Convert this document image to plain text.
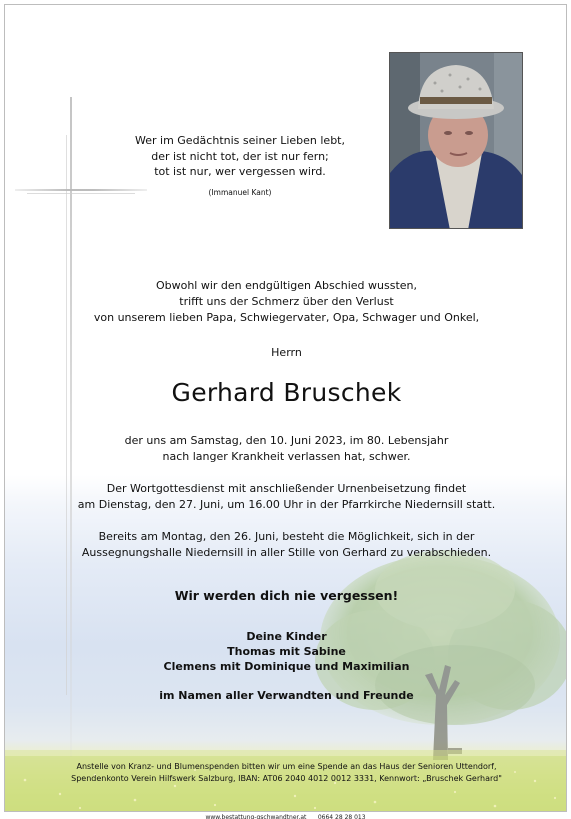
Wer im Gedächtnis seiner Lieben lebt,
der ist nicht tot, der ist nur fern;
tot ist nur, wer vergessen wird.
(Immanuel Kant)
Obwohl wir den endgültigen Abschied wussten,
trifft uns der Schmerz über den Verlust
von unserem lieben Papa, Schwiegervater, Opa, Schwager und Onkel,
Herrn
Gerhard Bruschek
der uns am Samstag, den 10. Juni 2023, im 80. Lebensjahr
nach langer Krankheit verlassen hat, schwer.
Der Wortgottesdienst mit anschließender Urnenbeisetzung findet
am Dienstag, den 27. Juni, um 16.00 Uhr in der Pfarrkirche Niedernsill statt.
Bereits am Montag, den 26. Juni, besteht die Möglichkeit, sich in der
Aussegnungshalle Niedernsill in aller Stille von Gerhard zu verabschieden.
Wir werden dich nie vergessen!
Deine Kinder
Thomas mit Sabine
Clemens mit Dominique und Maximilian
im Namen aller Verwandten und Freunde
Anstelle von Kranz- und Blumenspenden bitten wir um eine Spende an das Haus der Senioren Uttendorf,
Spendenkonto Verein Hilfswerk Salzburg, IBAN: AT06 2040 4012 0012 3331, Kennwort: „Bruschek Gerhard"
www.bestattung-gschwandtner.at 0664 28 28 013
